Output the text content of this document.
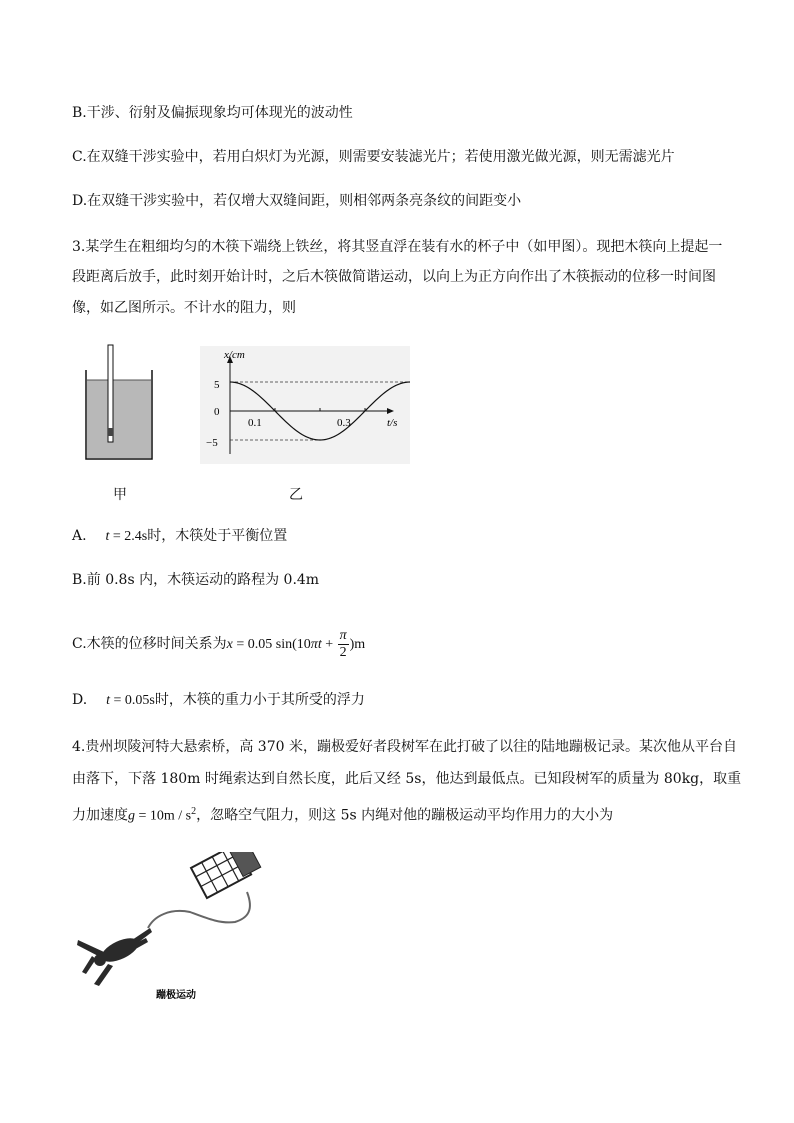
B.干涉、衍射及偏振现象均可体现光的波动性
C.在双缝干涉实验中，若用白炽灯为光源，则需要安装滤光片；若使用激光做光源，则无需滤光片
D.在双缝干涉实验中，若仅增大双缝间距，则相邻两条亮条纹的间距变小
3.某学生在粗细均匀的木筷下端绕上铁丝，将其竖直浮在装有水的杯子中（如甲图）。现把木筷向上提起一
段距离后放手，此时刻开始计时，之后木筷做简谐运动，以向上为正方向作出了木筷振动的位移一时间图
像，如乙图所示。不计水的阻力，则
甲
x/cm
t/s
5
0
−5
0.1	0.3
乙
A. t = 2.4s时，木筷处于平衡位置
B.前 0.8s 内，木筷运动的路程为 0.4m
C.木筷的位移时间关系为x = 0.05 $\sin(10\pi t + \frac{\pi}{2} )m$
D. t = 0.05s时，木筷的重力小于其所受的浮力
4.贵州坝陵河特大悬索桥，高 370 米，蹦极爱好者段树军在此打破了以往的陆地蹦极记录。某次他从平台自
由落下，下落 180m 时绳索达到自然长度，此后又经 5s，他达到最低点。已知段树军的质量为 80kg，取重
力加速度$g = 10m / s^2$，忽略空气阻力，则这 5s 内绳对他的蹦极运动平均作用力的大小为
蹦极运动
